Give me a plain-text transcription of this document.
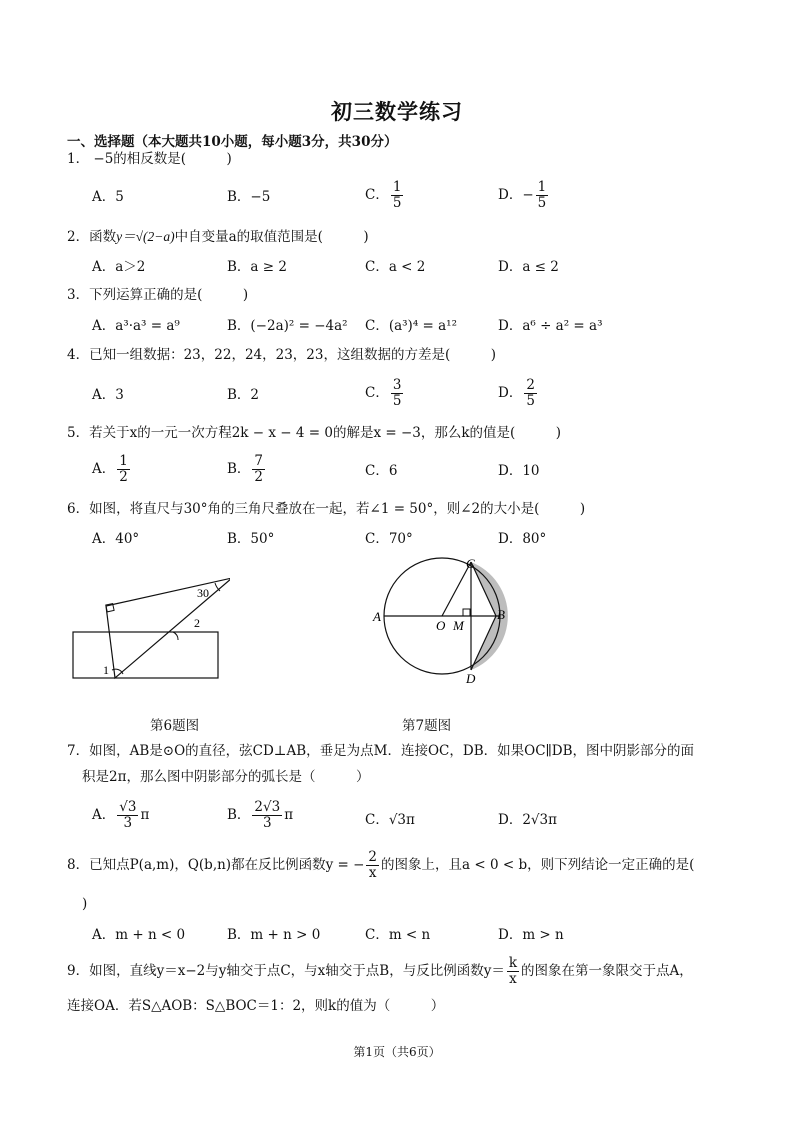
初三数学练习
一、选择题（本大题共10小题，每小题3分，共30分）
1． −5的相反数是(　　　)
A．5	B．−5	C． $\frac{1}{5}$	D．− $\frac{1}{5}$
2．函数y＝√(2−a)中自变量a的取值范围是(　　　)
A．a＞2	B．a ≥ 2	C．a < 2	D．a ≤ 2
3．下列运算正确的是(　　　)
A．a³·a³ = a⁹	B．(−2a)² = −4a² C．(a³)⁴ = a¹²	D．a⁶ ÷ a² = a³
4．已知一组数据：23，22，24，23，23，这组数据的方差是(　　　)
A．3	B．2	C． $\frac{3}{5}$	D． $\frac{2}{5}$
5．若关于x的一元一次方程2k − x − 4 = 0的解是x = −3，那么k的值是(　　　)
A． $\frac{1}{2}$	B． $\frac{7}{2}$	C．6	D．10
6．如图，将直尺与30°角的三角尺叠放在一起，若∠1 = 50°，则∠2的大小是(　　　)
A．40°	B．50°	C．70°	D．80°
30
2
1
第6题图
C
A
O M
B
D
第7题图
7．如图，AB是⊙O的直径，弦CD⊥AB，垂足为点M．连接OC，DB．如果OC∥DB，图中阴影部分的面
积是2π，那么图中阴影部分的弧长是（　　　）
A． $\frac{√3}{3}$ π	B． $\frac{2√3}{3}$ π	C．√3π	D．2√3π
8．已知点P(a,m)，Q(b,n)都在反比例函数y = − $\frac{2}{x}$ 的图象上，且a < 0 < b，则下列结论一定正确的是(
)
A．m + n < 0	B．m + n > 0	C．m < n	D．m > n
9．如图，直线y＝x−2与y轴交于点C，与x轴交于点B，与反比例函数$y= \frac{k}{x}$ 的图象在第一象限交于点A，
连接OA．若S△AOB：S△BOC＝1：2，则k的值为（　　　）
第1页（共6页）
